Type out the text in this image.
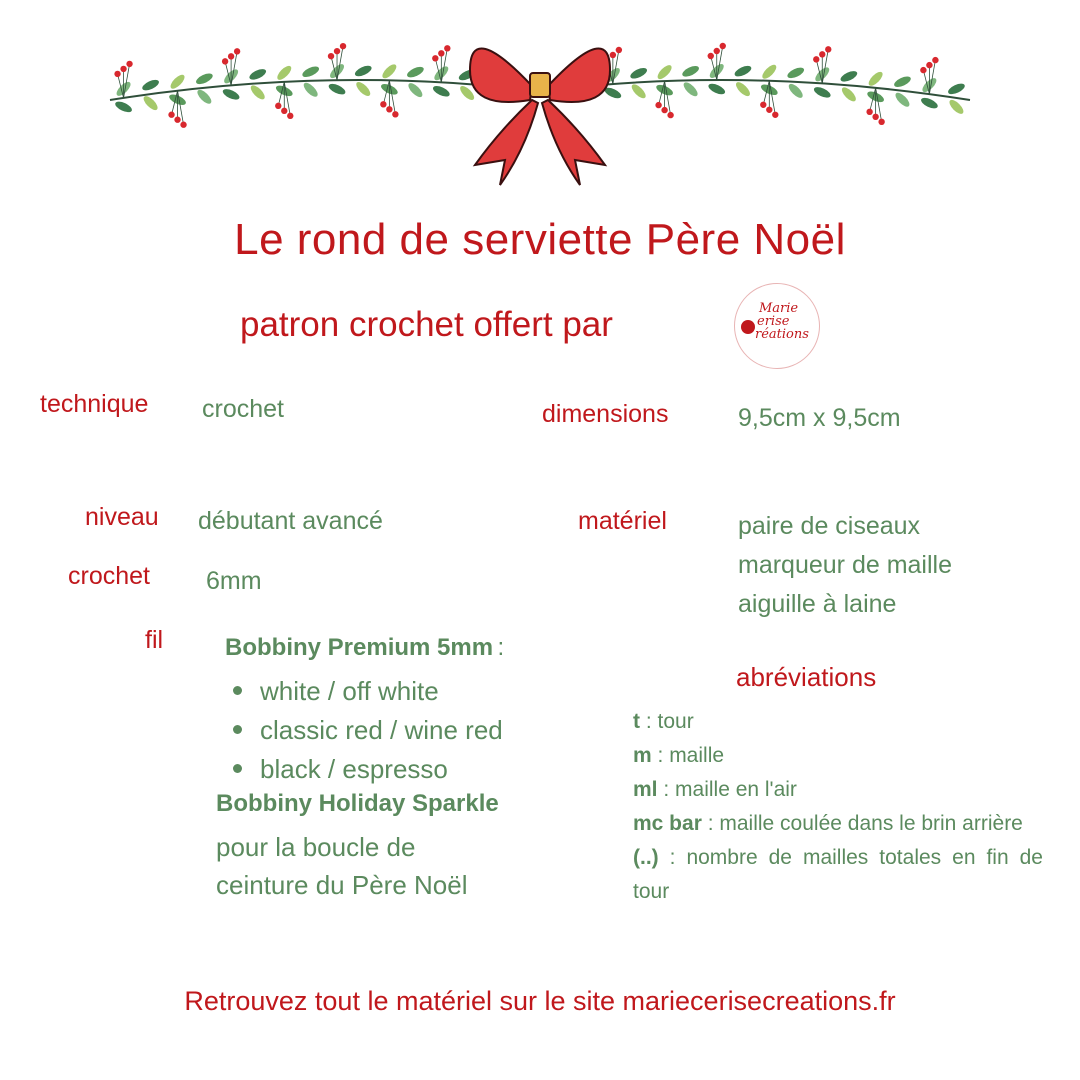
Le rond de serviette Père Noël
patron crochet offert par	Marie
erise
réations
technique crochet	dimensions	9,5cm x 9,5cm
niveau débutant avancé	matériel	paire de ciseaux
marqueur de maille
aiguille à laine
crochet 6mm
fil	Bobbiny Premium 5mm :
white / off white
classic red / wine red
black / espresso
Bobbiny Holiday Sparkle
pour la boucle de
ceinture du Père Noël
abréviations
t : tour
m : maille
ml : maille en l'air
mc bar : maille coulée dans le brin arrière
(..) : nombre de mailles totales en fin de tour
Retrouvez tout le matériel sur le site mariecerisecreations.fr
